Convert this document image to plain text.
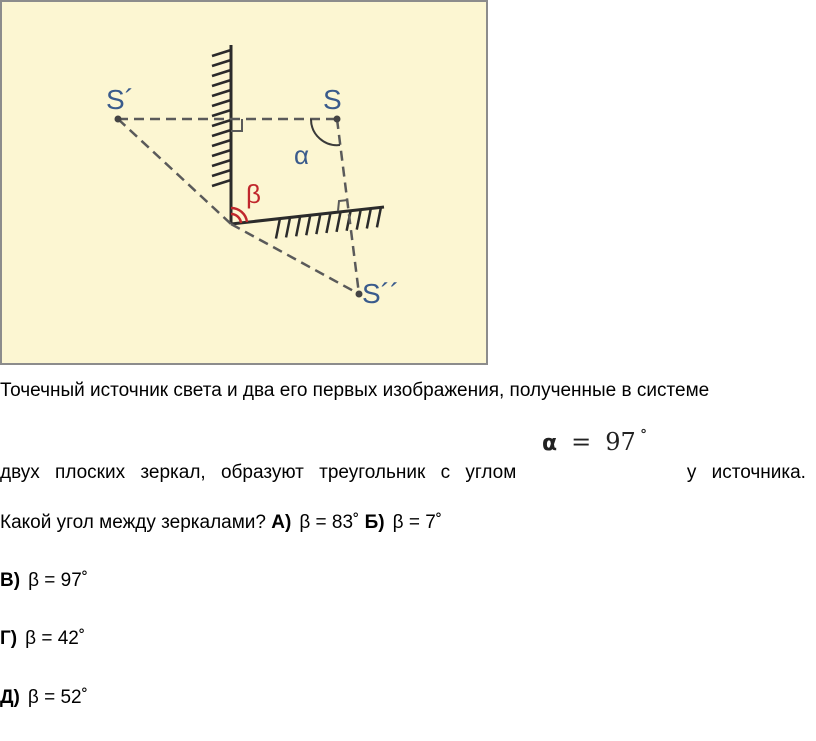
S´	S
S´´
α
β
Точечный источник света и два его первых изображения, полученные в системе
двух плоских зеркал, образуют треугольник с углом	у источника.
α = 97 ∘
Какой угол между зеркалами? А) β = 83˚ Б) β = 7˚
В) β = 97˚
Г) β = 42˚
Д) β = 52˚
